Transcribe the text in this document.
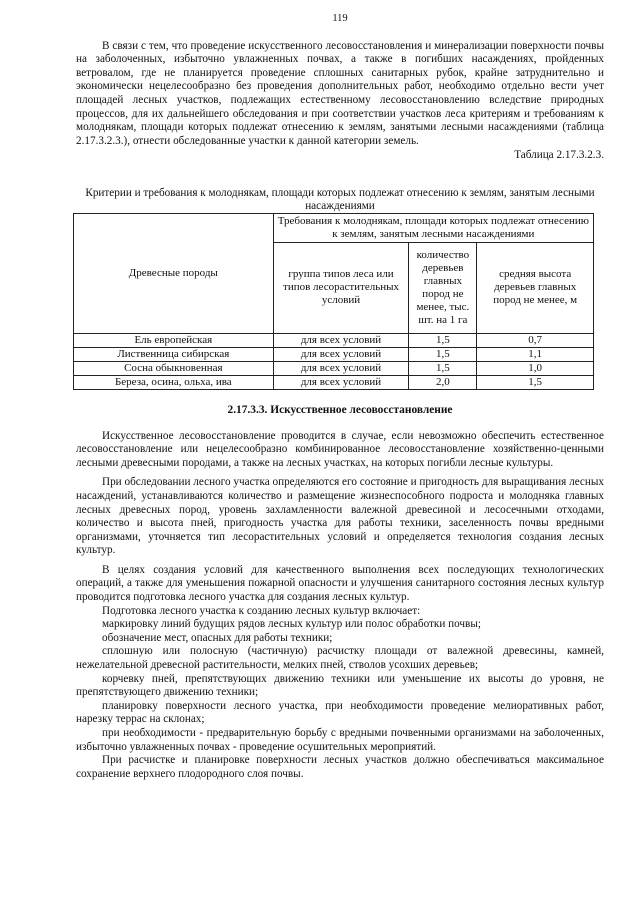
119

В связи с тем, что проведение искусственного лесовосстановления и минерализации поверхности почвы на заболоченных, избыточно увлажненных почвах, а также в погибших насаждениях, пройденных ветровалом, где не планируется проведение сплошных санитарных рубок, крайне затруднительно и экономически нецелесообразно без проведения дополнительных работ, необходимо отдельно вести учет площадей лесных участков, подлежащих естественному лесовосстановлению вследствие природных процессов, для их дальнейшего обследования и при соответствии участков леса критериям и требованиям к молоднякам, площади которых подлежат отнесению к землям, занятыми лесными насаждениями (таблица 2.17.3.2.3.), отнести обследованные участки к данной категории земель.

Таблица 2.17.3.2.3.
Критерии и требования к молоднякам, площади которых подлежат отнесению к землям, занятым лесными насаждениями
Древесные породы	Требования к молоднякам, площади которых подлежат отнесению к землям, занятым лесными насаждениями		
	группа типов леса или типов лесорастительных условий	количество деревьев главных пород не менее, тыс. шт. на 1 га	средняя высота деревьев главных пород не менее, м
Ель европейская	для всех условий	1,5	0,7
Лиственница сибирская	для всех условий	1,5	1,1
Сосна обыкновенная	для всех условий	1,5	1,0
Береза, осина, ольха, ива	для всех условий	2,0	1,5
2.17.3.3. Искусственное лесовосстановление

Искусственное лесовосстановление проводится в случае, если невозможно обеспечить естественное лесовосстановление или нецелесообразно комбинированное лесовосстановление хозяйственно-ценными лесными древесными породами, а также на лесных участках, на которых погибли лесные культуры.

При обследовании лесного участка определяются его состояние и пригодность для выращивания лесных насаждений, устанавливаются количество и размещение жизнеспособного подроста и молодняка главных лесных древесных пород, уровень захламленности валежной древесиной и лесосечными отходами, количество и высота пней, пригодность участка для работы техники, заселенность почвы вредными организмами, уточняется тип лесорастительных условий и определяется технология создания лесных культур.

В целях создания условий для качественного выполнения всех последующих технологических операций, а также для уменьшения пожарной опасности и улучшения санитарного состояния лесных культур проводится подготовка лесного участка для создания лесных культур.

Подготовка лесного участка к созданию лесных культур включает:

маркировку линий будущих рядов лесных культур или полос обработки почвы;

обозначение мест, опасных для работы техники;

сплошную или полосную (частичную) расчистку площади от валежной древесины, камней, нежелательной древесной растительности, мелких пней, стволов усохших деревьев;

корчевку пней, препятствующих движению техники или уменьшение их высоты до уровня, не препятствующего движению техники;

планировку поверхности лесного участка, при необходимости проведение мелиоративных работ, нарезку террас на склонах;

при необходимости - предварительную борьбу с вредными почвенными организмами на заболоченных, избыточно увлажненных почвах - проведение осушительных мероприятий.

При расчистке и планировке поверхности лесных участков должно обеспечиваться максимальное сохранение верхнего плодородного слоя почвы.
